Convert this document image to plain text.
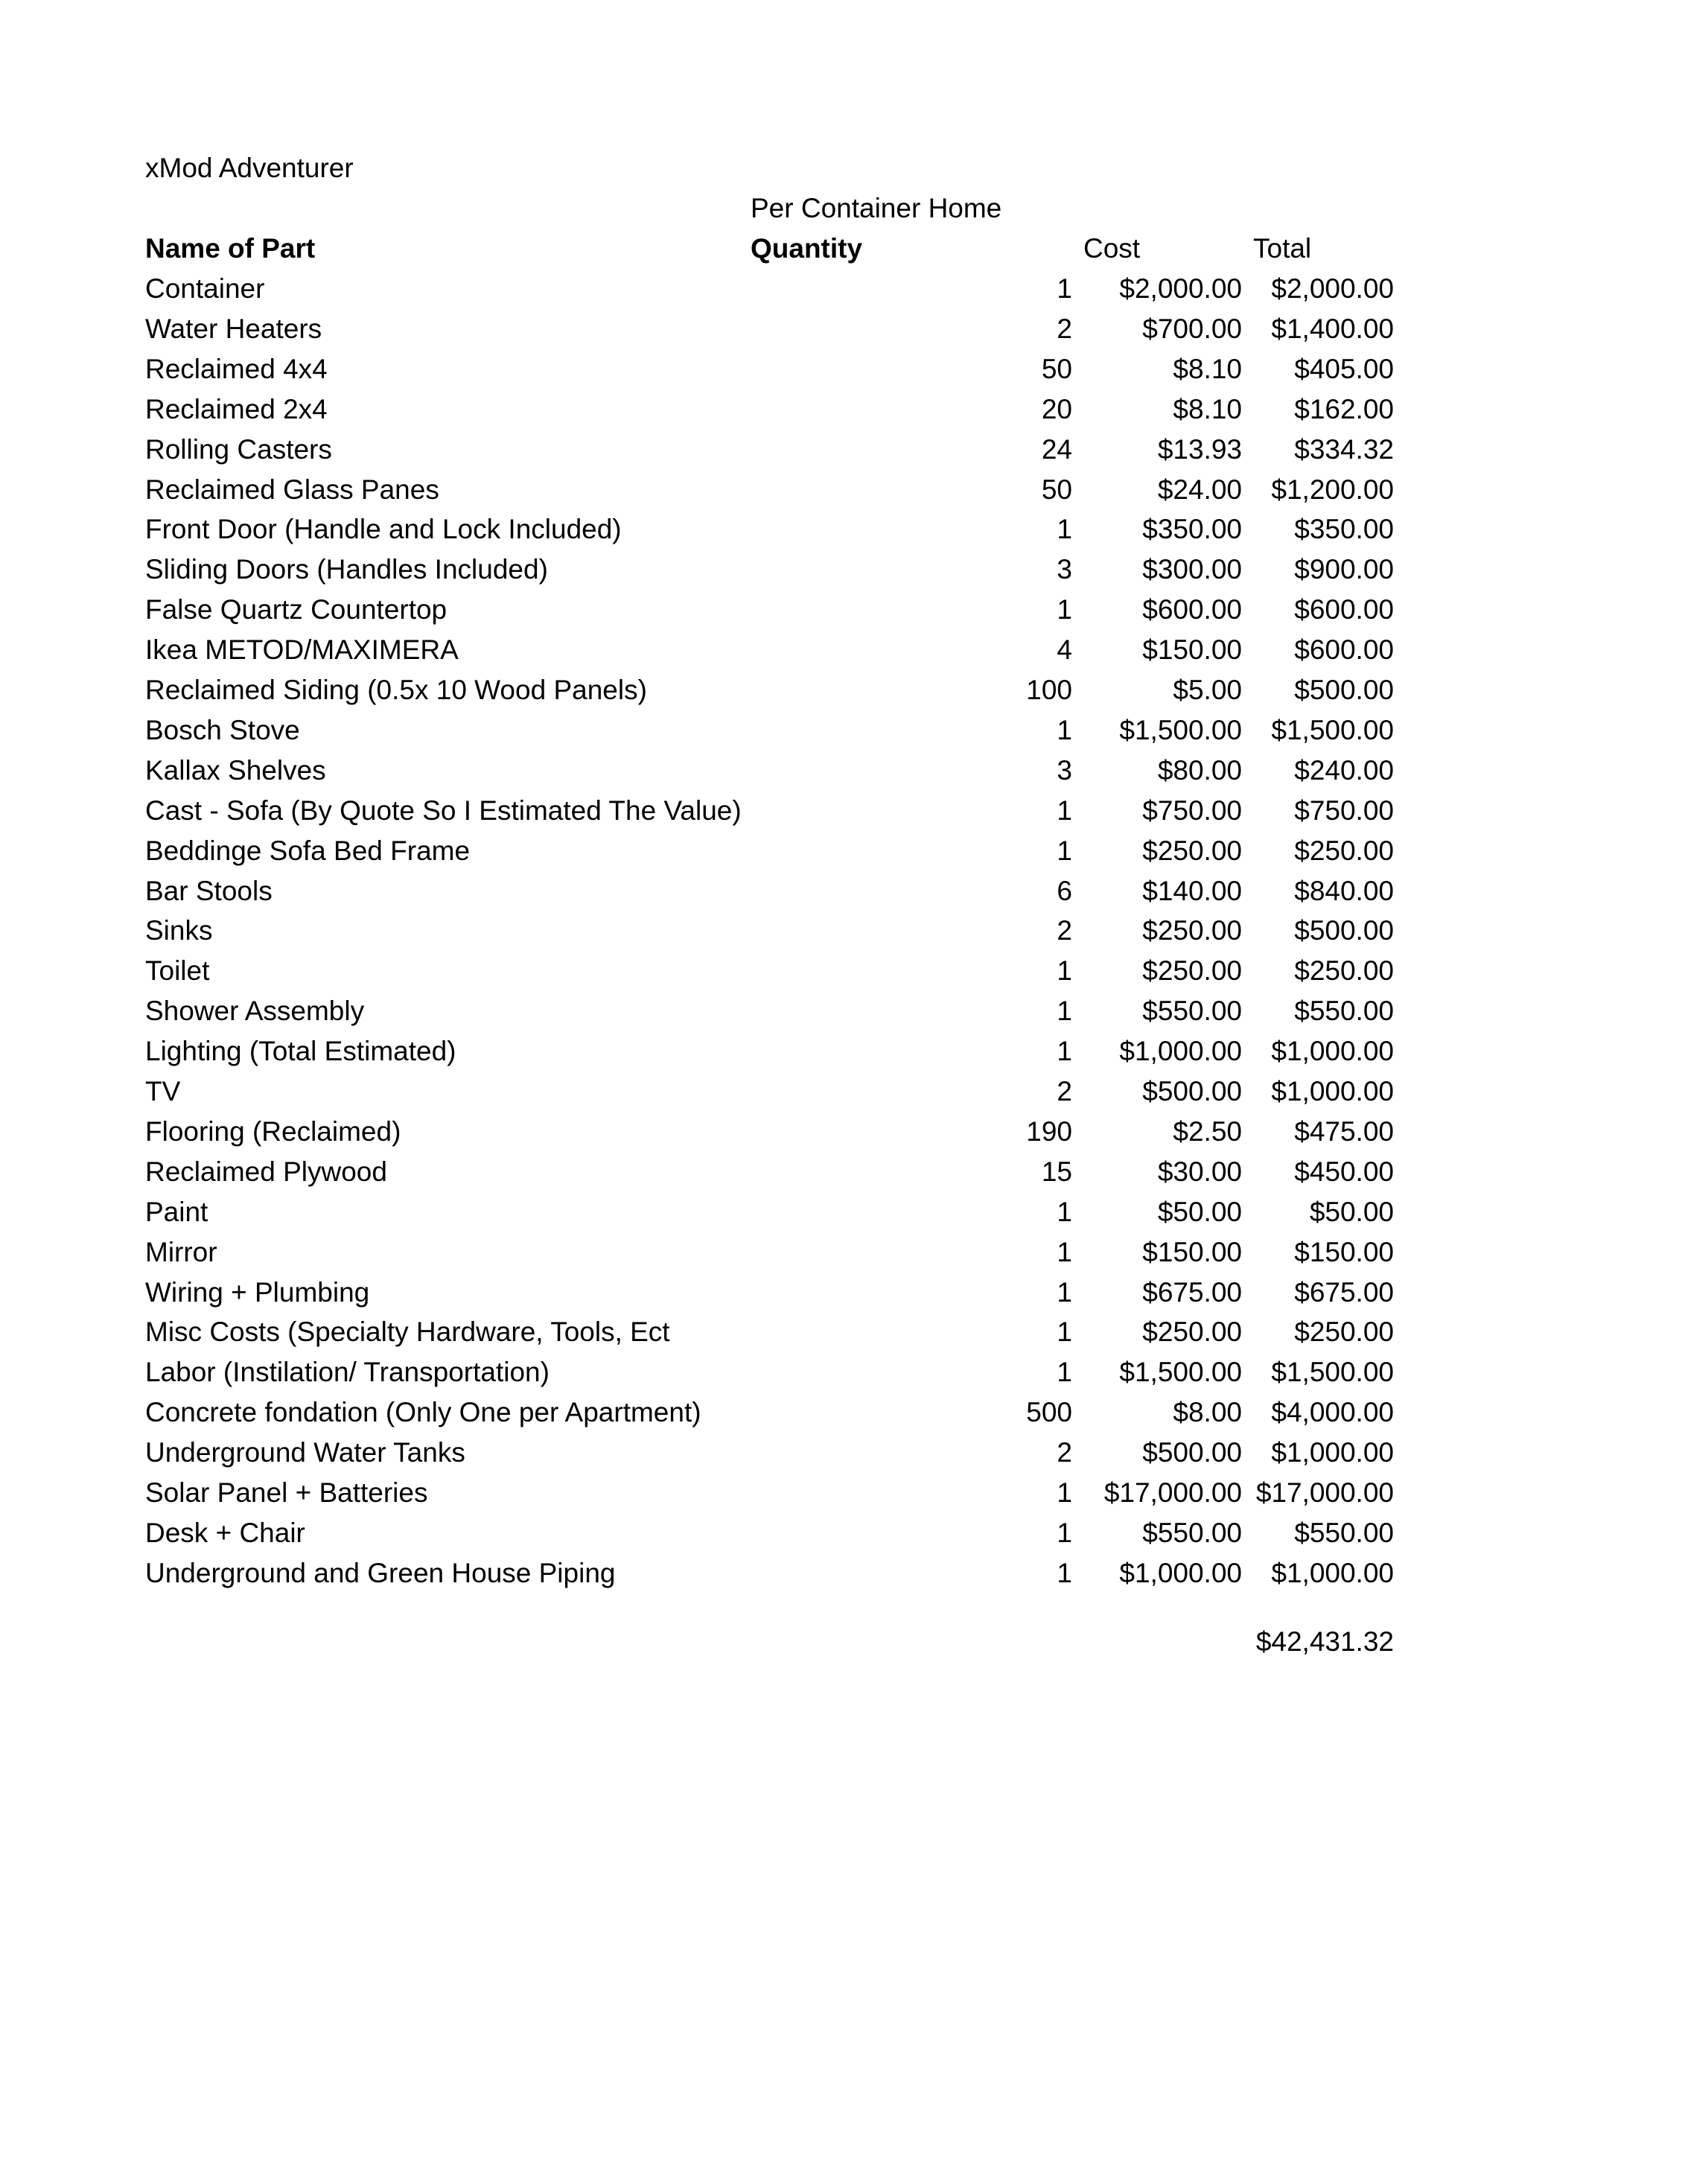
xMod Adventurer
Per Container Home
Name of Part	Quantity	Cost	Total
Container	1 $2,000.00 $2,000.00
Water Heaters	2	$700.00 $1,400.00
Reclaimed 4x4	50	$8.10 $405.00
Reclaimed 2x4	20	$8.10 $162.00
Rolling Casters	24	$13.93 $334.32
Reclaimed Glass Panes	50	$24.00 $1,200.00
Front Door (Handle and Lock Included)	1	$350.00 $350.00
Sliding Doors (Handles Included)	3	$300.00 $900.00
False Quartz Countertop	1	$600.00 $600.00
Ikea METOD/MAXIMERA	4	$150.00 $600.00
Reclaimed Siding (0.5x 10 Wood Panels)	100	$5.00 $500.00
Bosch Stove	1 $1,500.00 $1,500.00
Kallax Shelves	3	$80.00 $240.00
Cast - Sofa (By Quote So I Estimated The Value)	1	$750.00 $750.00
Beddinge Sofa Bed Frame	1	$250.00 $250.00
Bar Stools	6	$140.00 $840.00
Sinks	2	$250.00 $500.00
Toilet	1	$250.00 $250.00
Shower Assembly	1	$550.00 $550.00
Lighting (Total Estimated)	1 $1,000.00 $1,000.00
TV	2	$500.00 $1,000.00
Flooring (Reclaimed)	190	$2.50 $475.00
Reclaimed Plywood	15	$30.00 $450.00
Paint	1	$50.00 $50.00
Mirror	1	$150.00 $150.00
Wiring + Plumbing	1	$675.00 $675.00
Misc Costs (Specialty Hardware, Tools, Ect	1	$250.00 $250.00
Labor (Instilation/ Transportation)	1 $1,500.00 $1,500.00
Concrete fondation (Only One per Apartment)	500	$8.00 $4,000.00
Underground Water Tanks	2	$500.00 $1,000.00
Solar Panel + Batteries	1 $17,000.00 $17,000.00
Desk + Chair	1	$550.00 $550.00
Underground and Green House Piping	1 $1,000.00 $1,000.00
$42,431.32
